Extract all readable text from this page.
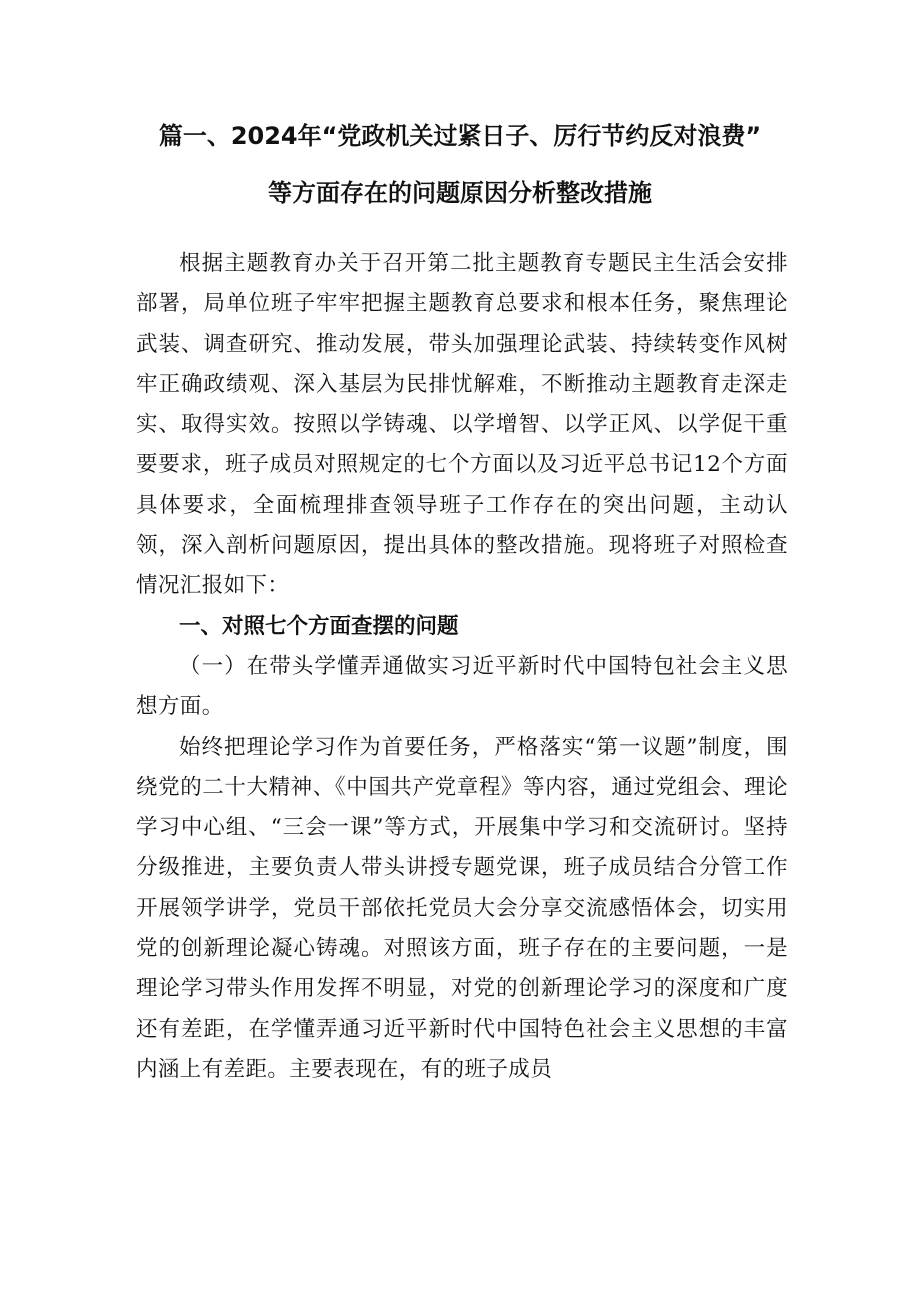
篇一、2024年“党政机关过紧日子、厉行节约反对浪费”
等方面存在的问题原因分析整改措施

根据主题教育办关于召开第二批主题教育专题民主生活会安排部署，局单位班子牢牢把握主题教育总要求和根本任务，聚焦理论武装、调查研究、推动发展，带头加强理论武装、持续转变作风树牢正确政绩观、深入基层为民排忧解难，不断推动主题教育走深走实、取得实效。按照以学铸魂、以学增智、以学正风、以学促干重要要求，班子成员对照规定的七个方面以及习近平总书记12个方面具体要求，全面梳理排查领导班子工作存在的突出问题，主动认领，深入剖析问题原因，提出具体的整改措施。现将班子对照检查情况汇报如下：

一、对照七个方面查摆的问题

（一）在带头学懂弄通做实习近平新时代中国特包社会主义思想方面。

始终把理论学习作为首要任务，严格落实“第一议题”制度，围绕党的二十大精神、《中国共产党章程》等内容，通过党组会、理论学习中心组、“三会一课”等方式，开展集中学习和交流研讨。坚持分级推进，主要负责人带头讲授专题党课，班子成员结合分管工作开展领学讲学，党员干部依托党员大会分享交流感悟体会，切实用党的创新理论凝心铸魂。对照该方面，班子存在的主要问题，一是理论学习带头作用发挥不明显，对党的创新理论学习的深度和广度还有差距，在学懂弄通习近平新时代中国特色社会主义思想的丰富内涵上有差距。主要表现在，有的班子成员
